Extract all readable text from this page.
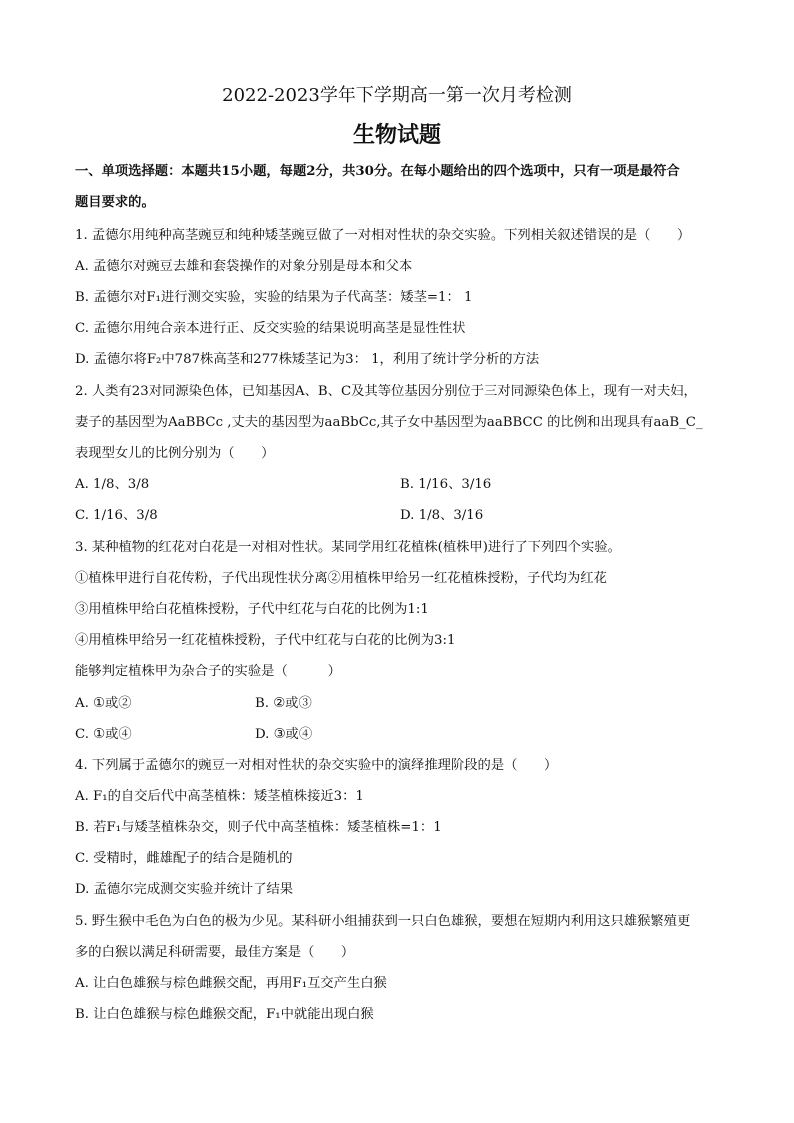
2022-2023学年下学期高一第一次月考检测
生物试题
一、单项选择题：本题共15小题，每题2分，共30分。在每小题给出的四个选项中，只有一项是最符合
题目要求的。
1. 孟德尔用纯种高茎豌豆和纯种矮茎豌豆做了一对相对性状的杂交实验。下列相关叙述错误的是（　　）
A. 孟德尔对豌豆去雄和套袋操作的对象分别是母本和父本
B. 孟德尔对F₁进行测交实验，实验的结果为子代高茎：矮茎=1： 1
C. 孟德尔用纯合亲本进行正、反交实验的结果说明高茎是显性性状
D. 孟德尔将F₂中787株高茎和277株矮茎记为3： 1，利用了统计学分析的方法
2. 人类有23对同源染色体，已知基因A、B、C及其等位基因分别位于三对同源染色体上，现有一对夫妇，
妻子的基因型为AaBBCc ,丈夫的基因型为aaBbCc,其子女中基因型为aaBBCC 的比例和出现具有aaB_C_
表现型女儿的比例分别为（　　）
A. 1/8、3/8	B. 1/16、3/16
C. 1/16、3/8	D. 1/8、3/16
3. 某种植物的红花对白花是一对相对性状。某同学用红花植株(植株甲)进行了下列四个实验。
①植株甲进行自花传粉，子代出现性状分离②用植株甲给另一红花植株授粉，子代均为红花
③用植株甲给白花植株授粉，子代中红花与白花的比例为1:1
④用植株甲给另一红花植株授粉，子代中红花与白花的比例为3:1
能够判定植株甲为杂合子的实验是（　　　）
A. ①或②	B. ②或③
C. ①或④	D. ③或④
4. 下列属于孟德尔的豌豆一对相对性状的杂交实验中的演绎推理阶段的是（　　）
A. F₁的自交后代中高茎植株：矮茎植株接近3：1
B. 若F₁与矮茎植株杂交，则子代中高茎植株：矮茎植株=1：1
C. 受精时，雌雄配子的结合是随机的
D. 孟德尔完成测交实验并统计了结果
5. 野生猴中毛色为白色的极为少见。某科研小组捕获到一只白色雄猴，要想在短期内利用这只雄猴繁殖更
多的白猴以满足科研需要，最佳方案是（　　）
A. 让白色雄猴与棕色雌猴交配，再用F₁互交产生白猴
B. 让白色雄猴与棕色雌猴交配，F₁中就能出现白猴
